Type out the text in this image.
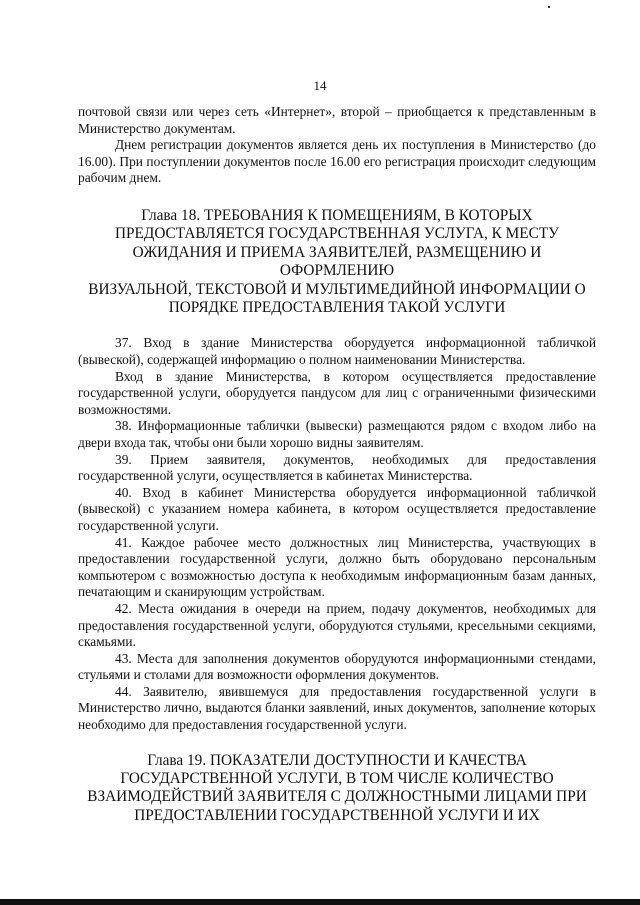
14

почтовой связи или через сеть «Интернет», второй – приобщается к представленным в Министерство документам.

Днем регистрации документов является день их поступления в Министерство (до 16.00). При поступлении документов после 16.00 его регистрация происходит следующим рабочим днем.

Глава 18. ТРЕБОВАНИЯ К ПОМЕЩЕНИЯМ, В КОТОРЫХ
ПРЕДОСТАВЛЯЕТСЯ ГОСУДАРСТВЕННАЯ УСЛУГА, К МЕСТУ
ОЖИДАНИЯ И ПРИЕМА ЗАЯВИТЕЛЕЙ, РАЗМЕЩЕНИЮ И ОФОРМЛЕНИЮ
ВИЗУАЛЬНОЙ, ТЕКСТОВОЙ И МУЛЬТИМЕДИЙНОЙ ИНФОРМАЦИИ О
ПОРЯДКЕ ПРЕДОСТАВЛЕНИЯ ТАКОЙ УСЛУГИ

37. Вход в здание Министерства оборудуется информационной табличкой (вывеской), содержащей информацию о полном наименовании Министерства.

Вход в здание Министерства, в котором осуществляется предоставление государственной услуги, оборудуется пандусом для лиц с ограниченными физическими возможностями.

38. Информационные таблички (вывески) размещаются рядом с входом либо на двери входа так, чтобы они были хорошо видны заявителям.

39. Прием заявителя, документов, необходимых для предоставления государственной услуги, осуществляется в кабинетах Министерства.

40. Вход в кабинет Министерства оборудуется информационной табличкой (вывеской) с указанием номера кабинета, в котором осуществляется предоставление государственной услуги.

41. Каждое рабочее место должностных лиц Министерства, участвующих в предоставлении государственной услуги, должно быть оборудовано персональным компьютером с возможностью доступа к необходимым информационным базам данных, печатающим и сканирующим устройствам.

42. Места ожидания в очереди на прием, подачу документов, необходимых для предоставления государственной услуги, оборудуются стульями, кресельными секциями, скамьями.

43. Места для заполнения документов оборудуются информационными стендами, стульями и столами для возможности оформления документов.

44. Заявителю, явившемуся для предоставления государственной услуги в Министерство лично, выдаются бланки заявлений, иных документов, заполнение которых необходимо для предоставления государственной услуги.

Глава 19. ПОКАЗАТЕЛИ ДОСТУПНОСТИ И КАЧЕСТВА
ГОСУДАРСТВЕННОЙ УСЛУГИ, В ТОМ ЧИСЛЕ КОЛИЧЕСТВО
ВЗАИМОДЕЙСТВИЙ ЗАЯВИТЕЛЯ С ДОЛЖНОСТНЫМИ ЛИЦАМИ ПРИ
ПРЕДОСТАВЛЕНИИ ГОСУДАРСТВЕННОЙ УСЛУГИ И ИХ
